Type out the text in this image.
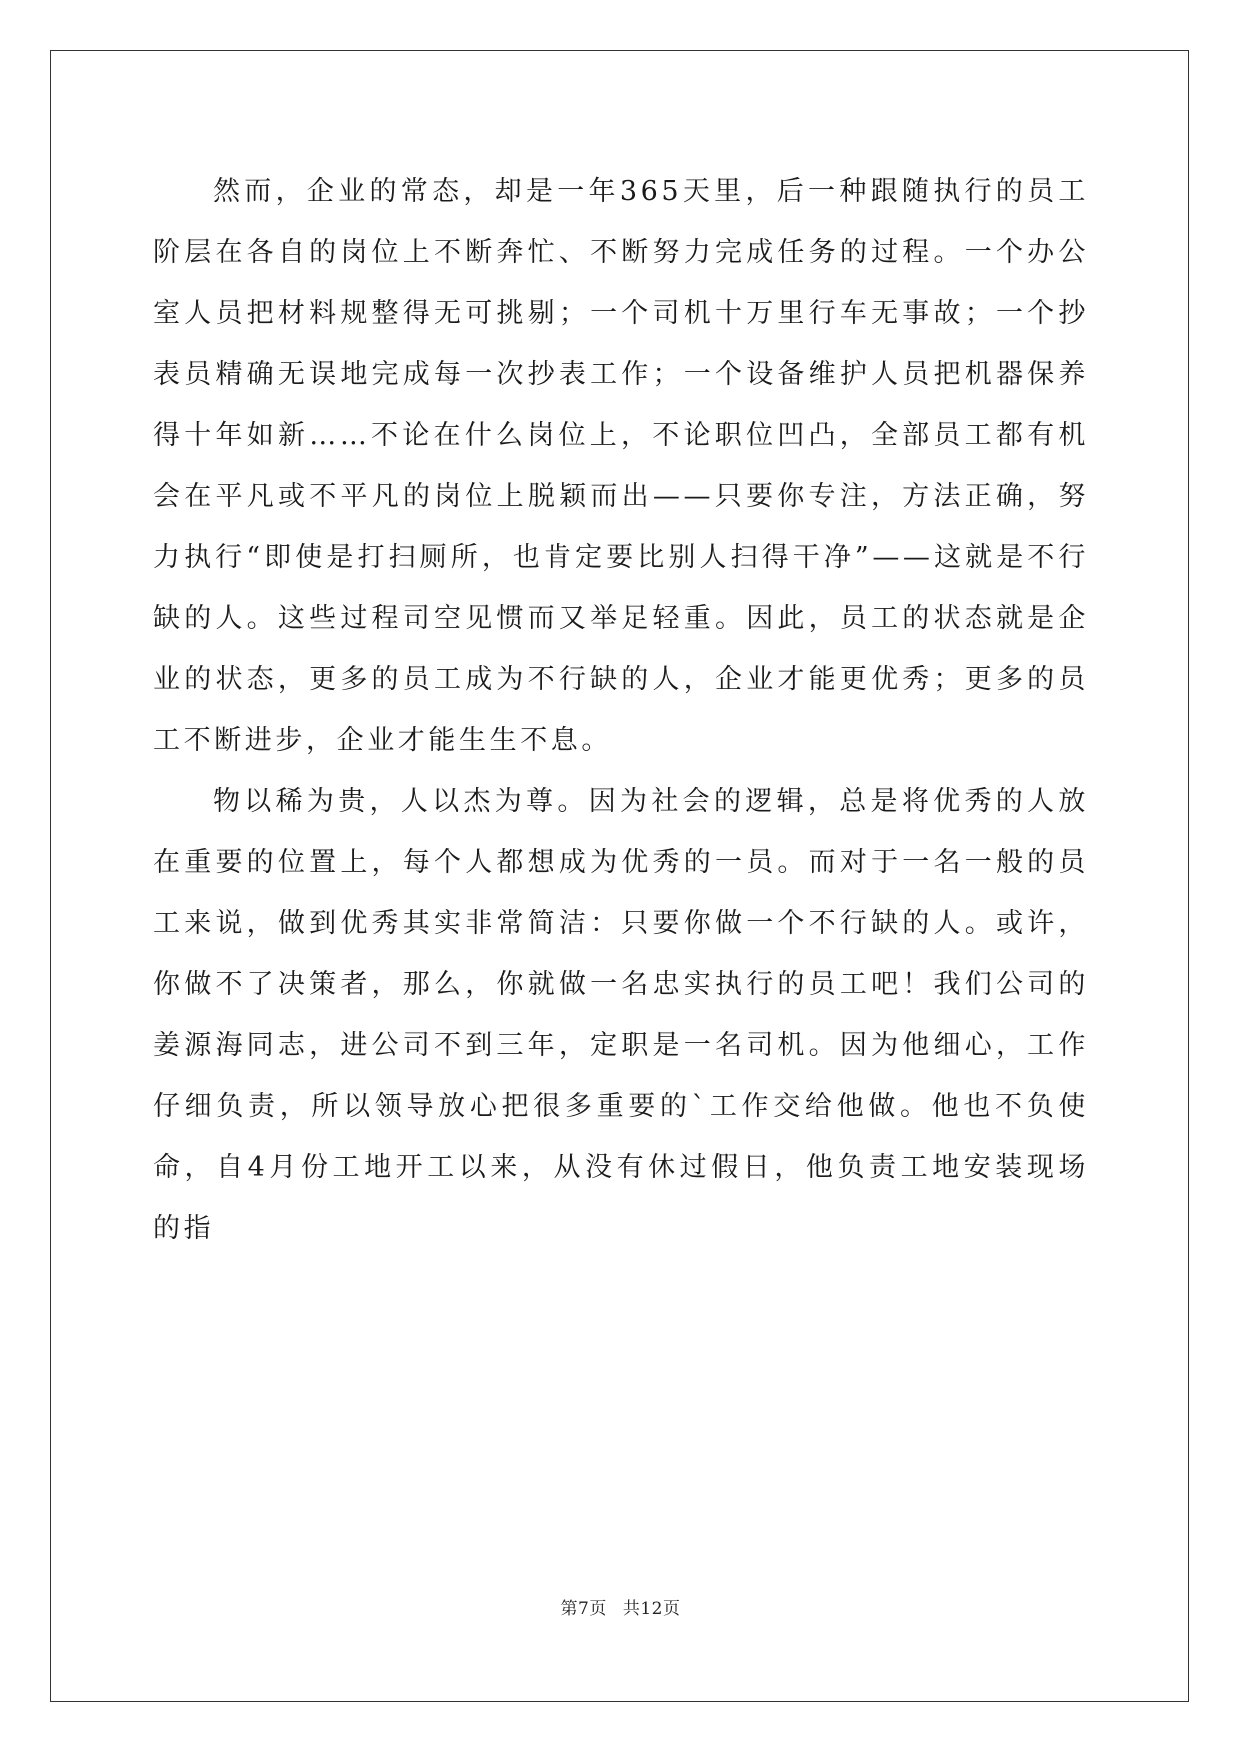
然而，企业的常态，却是一年365天里，后一种跟随执行的员工阶层在各自的岗位上不断奔忙、不断努力完成任务的过程。一个办公室人员把材料规整得无可挑剔；一个司机十万里行车无事故；一个抄表员精确无误地完成每一次抄表工作；一个设备维护人员把机器保养得十年如新……不论在什么岗位上，不论职位凹凸，全部员工都有机会在平凡或不平凡的岗位上脱颖而出——只要你专注，方法正确，努力执行“即使是打扫厕所，也肯定要比别人扫得干净”——这就是不行缺的人。这些过程司空见惯而又举足轻重。因此，员工的状态就是企业的状态，更多的员工成为不行缺的人，企业才能更优秀；更多的员工不断进步，企业才能生生不息。

物以稀为贵，人以杰为尊。因为社会的逻辑，总是将优秀的人放在重要的位置上，每个人都想成为优秀的一员。而对于一名一般的员工来说，做到优秀其实非常简洁：只要你做一个不行缺的人。或许，你做不了决策者，那么，你就做一名忠实执行的员工吧！我们公司的姜源海同志，进公司不到三年，定职是一名司机。因为他细心，工作仔细负责，所以领导放心把很多重要的`工作交给他做。他也不负使命，自4月份工地开工以来，从没有休过假日，他负责工地安装现场的指

第7页 共12页
